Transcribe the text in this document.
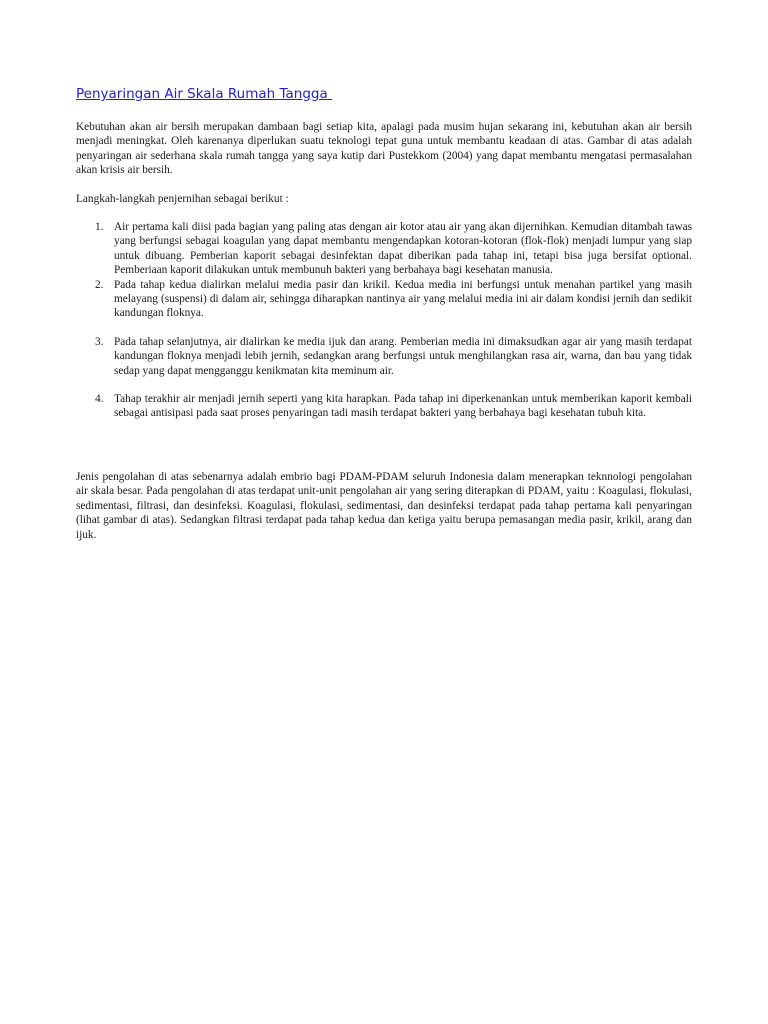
Penyaringan Air Skala Rumah Tangga

Kebutuhan akan air bersih merupakan dambaan bagi setiap kita, apalagi pada musim hujan sekarang ini, kebutuhan akan air bersih menjadi meningkat. Oleh karenanya diperlukan suatu teknologi tepat guna untuk membantu keadaan di atas. Gambar di atas adalah penyaringan air sederhana skala rumah tangga yang saya kutip dari Pustekkom (2004) yang dapat membantu mengatasi permasalahan akan krisis air bersih.

Langkah-langkah penjernihan sebagai berikut :

1. Air pertama kali diisi pada bagian yang paling atas dengan air kotor atau air yang akan dijernihkan. Kemudian ditambah tawas yang berfungsi sebagai koagulan yang dapat membantu mengendapkan kotoran-kotoran (flok-flok) menjadi lumpur yang siap untuk dibuang. Pemberian kaporit sebagai desinfektan dapat diberikan pada tahap ini, tetapi bisa juga bersifat optional. Pemberiaan kaporit dilakukan untuk membunuh bakteri yang berbahaya bagi kesehatan manusia.
2. Pada tahap kedua dialirkan melalui media pasir dan krikil. Kedua media ini berfungsi untuk menahan partikel yang masih melayang (suspensi) di dalam air, sehingga diharapkan nantinya air yang melalui media ini air dalam kondisi jernih dan sedikit kandungan floknya.
3. Pada tahap selanjutnya, air dialirkan ke media ijuk dan arang. Pemberian media ini dimaksudkan agar air yang masih terdapat kandungan floknya menjadi lebih jernih, sedangkan arang berfungsi untuk menghilangkan rasa air, warna, dan bau yang tidak sedap yang dapat mengganggu kenikmatan kita meminum air.
4. Tahap terakhir air menjadi jernih seperti yang kita harapkan. Pada tahap ini diperkenankan untuk memberikan kaporit kembali sebagai antisipasi pada saat proses penyaringan tadi masih terdapat bakteri yang berbahaya bagi kesehatan tubuh kita.

Jenis pengolahan di atas sebenarnya adalah embrio bagi PDAM-PDAM seluruh Indonesia dalam menerapkan teknnologi pengolahan air skala besar. Pada pengolahan di atas terdapat unit-unit pengolahan air yang sering diterapkan di PDAM, yaitu : Koagulasi, flokulasi, sedimentasi, filtrasi, dan desinfeksi. Koagulasi, flokulasi, sedimentasi, dan desinfeksi terdapat pada tahap pertama kali penyaringan (lihat gambar di atas). Sedangkan filtrasi terdapat pada tahap kedua dan ketiga yaitu berupa pemasangan media pasir, krikil, arang dan ijuk.
